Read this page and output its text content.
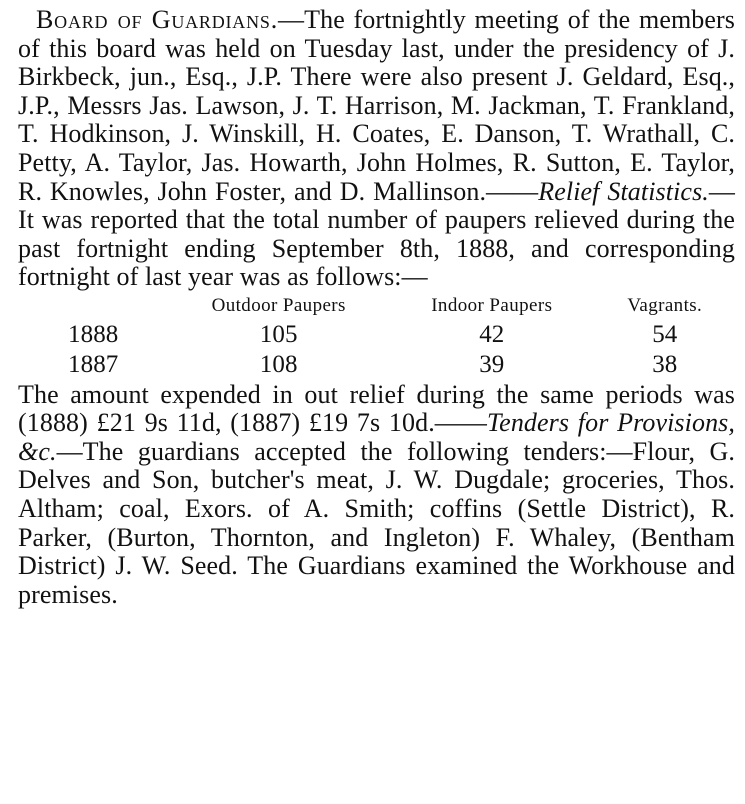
Board of Guardians.—The fortnightly meeting of the members of this board was held on Tuesday last, under the presidency of J. Birkbeck, jun., Esq., J.P. There were also present J. Geldard, Esq., J.P., Messrs Jas. Lawson, J. T. Harrison, M. Jackman, T. Frankland, T. Hodkinson, J. Winskill, H. Coates, E. Danson, T. Wrathall, C. Petty, A. Taylor, Jas. Howarth, John Holmes, R. Sutton, E. Taylor, R. Knowles, John Foster, and D. Mallinson.——Relief Statistics.—It was reported that the total number of paupers relieved during the past fortnight ending September 8th, 1888, and corresponding fortnight of last year was as follows:—

	Outdoor Paupers	Indoor Paupers	Vagrants.
1888	105	42	54
1887	108	39	38

The amount expended in out relief during the same periods was (1888) £21 9s 11d, (1887) £19 7s 10d.——Tenders for Provisions, &c.—The guardians accepted the following tenders:—Flour, G. Delves and Son, butcher's meat, J. W. Dugdale; groceries, Thos. Altham; coal, Exors. of A. Smith; coffins (Settle District), R. Parker, (Burton, Thornton, and Ingleton) F. Whaley, (Bentham District) J. W. Seed. The Guardians examined the Workhouse and premises.
